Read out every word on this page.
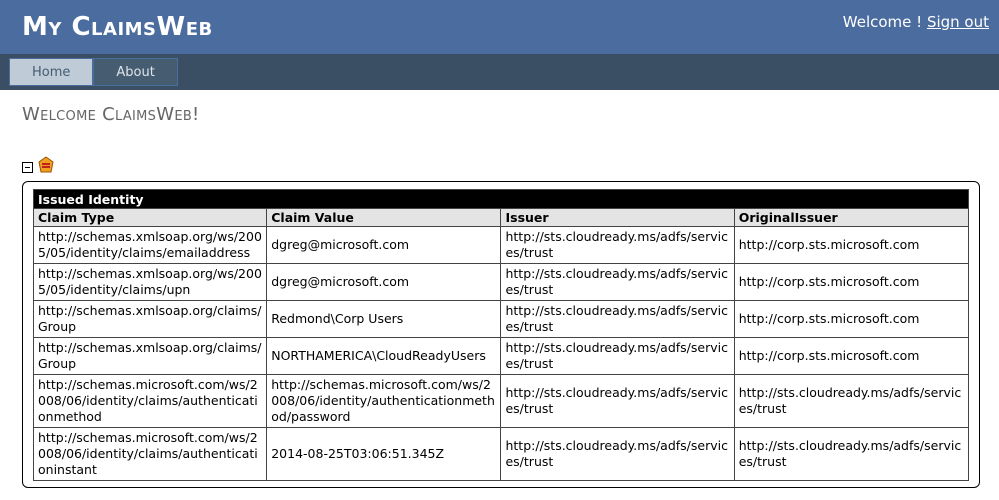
My ClaimsWeb	Welcome ! Sign out
Home	About
Welcome ClaimsWeb!
Issued Identity			
Claim Type	Claim Value	Issuer	OriginalIssuer
http://schemas.xmlsoap.org/ws/2005/05/identity/claims/emailaddress	dgreg@microsoft.com	http://sts.cloudready.ms/adfs/services/trust	http://corp.sts.microsoft.com
http://schemas.xmlsoap.org/ws/2005/05/identity/claims/upn	dgreg@microsoft.com	http://sts.cloudready.ms/adfs/services/trust	http://corp.sts.microsoft.com
http://schemas.xmlsoap.org/claims/Group	Redmond\Corp Users	http://sts.cloudready.ms/adfs/services/trust	http://corp.sts.microsoft.com
http://schemas.xmlsoap.org/claims/Group	NORTHAMERICA\CloudReadyUsers	http://sts.cloudready.ms/adfs/services/trust	http://corp.sts.microsoft.com
http://schemas.microsoft.com/ws/2008/06/identity/claims/authenticationmethod	http://schemas.microsoft.com/ws/2008/06/identity/authenticationmethod/password	http://sts.cloudready.ms/adfs/services/trust	http://sts.cloudready.ms/adfs/services/trust
http://schemas.microsoft.com/ws/2008/06/identity/claims/authenticationinstant	2014-08-25T03:06:51.345Z	http://sts.cloudready.ms/adfs/services/trust	http://sts.cloudready.ms/adfs/services/trust
